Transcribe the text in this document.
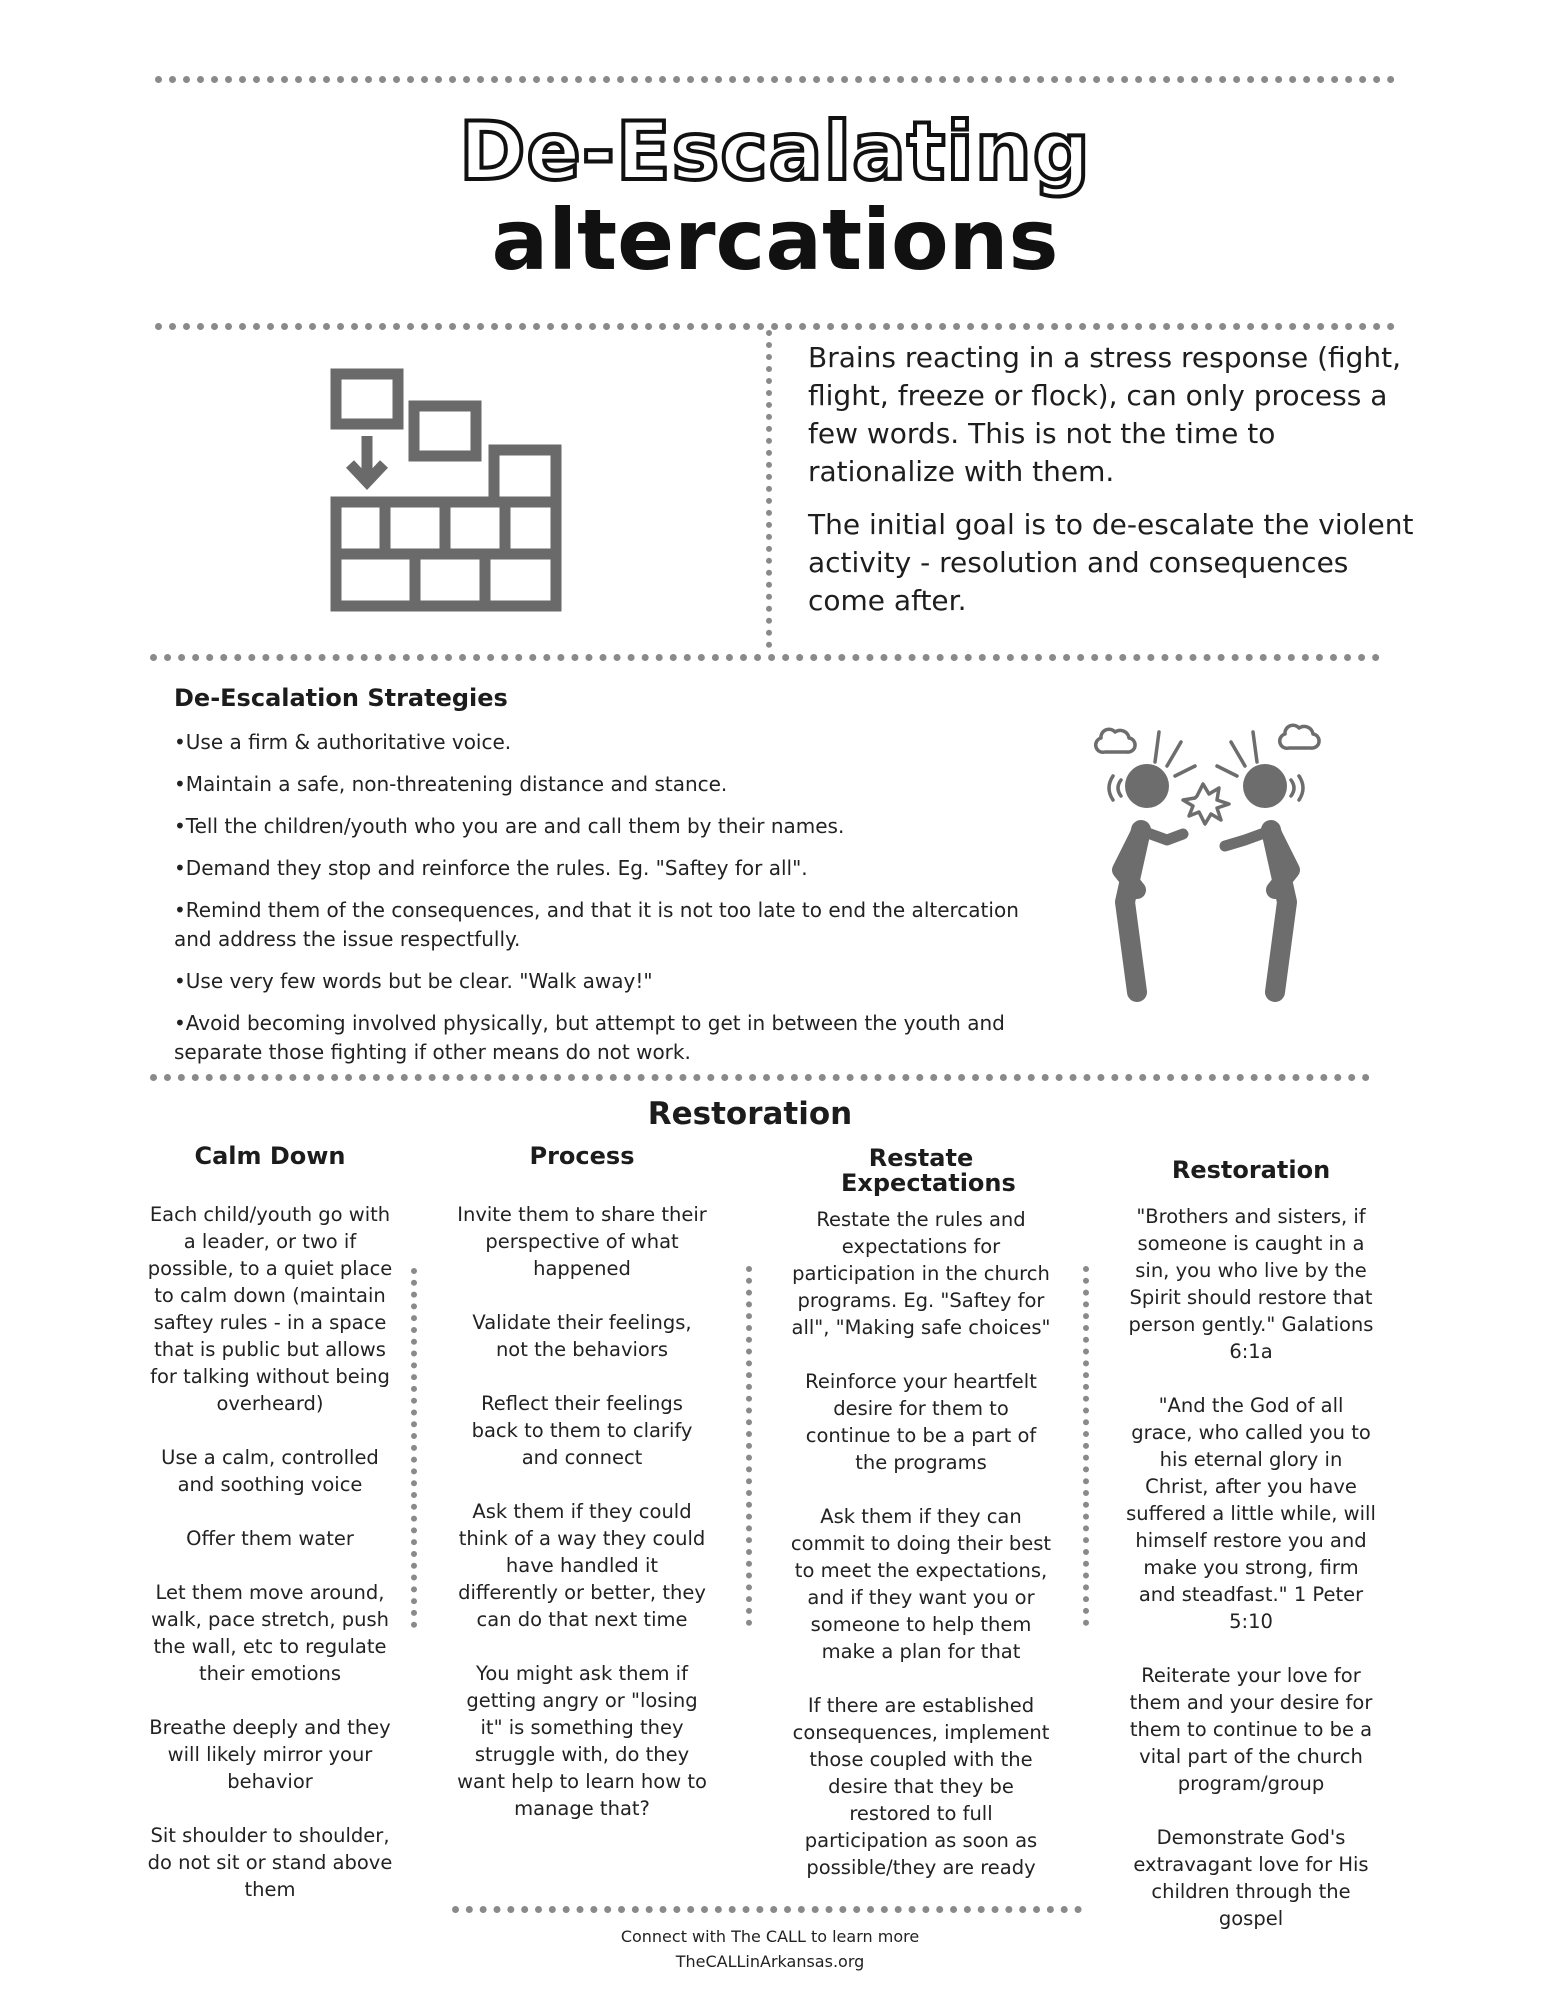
De-Escalating
altercations

Brains reacting in a stress response (fight, flight, freeze or flock), can only process a few words. This is not the time to rationalize with them.

The initial goal is to de-escalate the violent activity - resolution and consequences come after.

De-Escalation Strategies
•Use a firm & authoritative voice.
•Maintain a safe, non-threatening distance and stance.
•Tell the children/youth who you are and call them by their names.
•Demand they stop and reinforce the rules. Eg. "Saftey for all".
•Remind them of the consequences, and that it is not too late to end the altercation and address the issue respectfully.
•Use very few words but be clear. "Walk away!"
•Avoid becoming involved physically, but attempt to get in between the youth and separate those fighting if other means do not work.
Restoration
Calm Down

Each child/youth go with a leader, or two if possible, to a quiet place to calm down (maintain saftey rules - in a space that is public but allows for talking without being overheard)

Use a calm, controlled and soothing voice

Offer them water

Let them move around, walk, pace stretch, push the wall, etc to regulate their emotions

Breathe deeply and they will likely mirror your behavior

Sit shoulder to shoulder, do not sit or stand above them

Process

Invite them to share their perspective of what happened

Validate their feelings, not the behaviors

Reflect their feelings back to them to clarify and connect

Ask them if they could think of a way they could have handled it differently or better, they can do that next time

You might ask them if getting angry or "losing it" is something they struggle with, do they want help to learn how to manage that?

Restate Expectations

Restate the rules and expectations for participation in the church programs. Eg. "Saftey for all", "Making safe choices"

Reinforce your heartfelt desire for them to continue to be a part of the programs

Ask them if they can commit to doing their best to meet the expectations, and if they want you or someone to help them make a plan for that

If there are established consequences, implement those coupled with the desire that they be restored to full participation as soon as possible/they are ready

Restoration

"Brothers and sisters, if someone is caught in a sin, you who live by the Spirit should restore that person gently." Galations 6:1a

"And the God of all grace, who called you to his eternal glory in Christ, after you have suffered a little while, will himself restore you and make you strong, firm and steadfast." 1 Peter 5:10

Reiterate your love for them and your desire for them to continue to be a vital part of the church program/group

Demonstrate God's extravagant love for His children through the gospel

Connect with The CALL to learn more
TheCALLinArkansas.org
